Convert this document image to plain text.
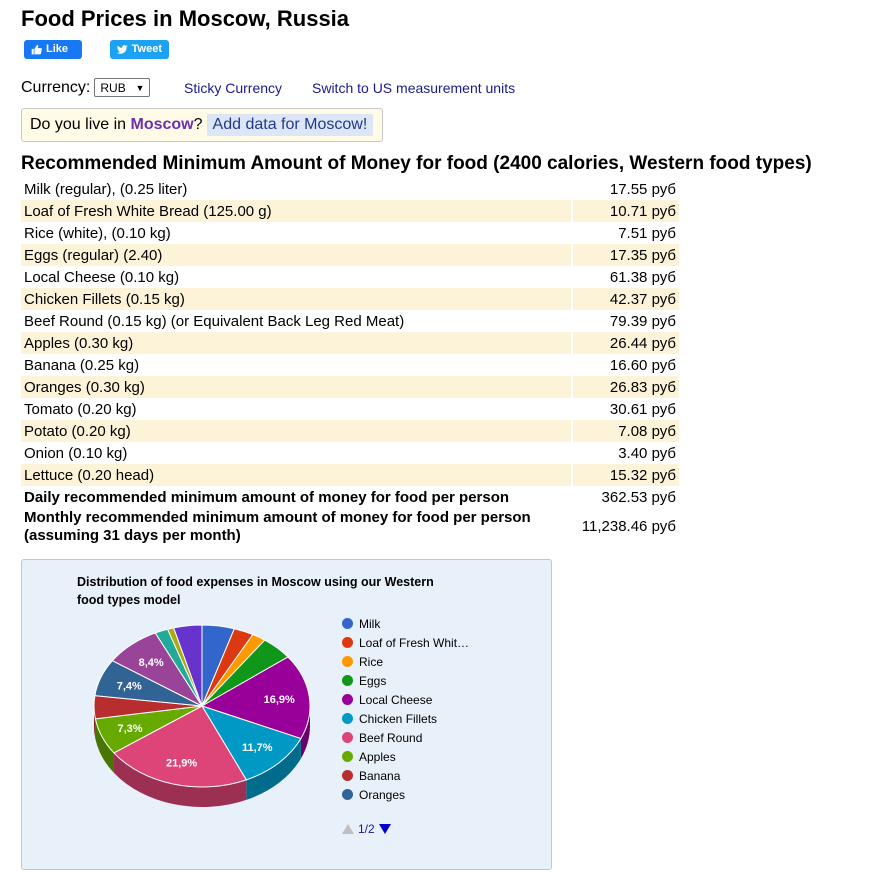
Food Prices in Moscow, Russia
Like	Tweet
Currency: RUB ▼	Sticky Currency Switch to US measurement units
Do you live in Moscow ? Add data for Moscow!
Recommended Minimum Amount of Money for food (2400 calories, Western food types)
Milk (regular), (0.25 liter)	17.55 руб
Loaf of Fresh White Bread (125.00 g)	10.71 руб
Rice (white), (0.10 kg)	7.51 руб
Eggs (regular) (2.40)	17.35 руб
Local Cheese (0.10 kg)	61.38 руб
Chicken Fillets (0.15 kg)	42.37 руб
Beef Round (0.15 kg) (or Equivalent Back Leg Red Meat)	79.39 руб
Apples (0.30 kg)	26.44 руб
Banana (0.25 kg)	16.60 руб
Oranges (0.30 kg)	26.83 руб
Tomato (0.20 kg)	30.61 руб
Potato (0.20 kg)	7.08 руб
Onion (0.10 kg)	3.40 руб
Lettuce (0.20 head)	15.32 руб
Daily recommended minimum amount of money for food per person	362.53 руб
Monthly recommended minimum amount of money for food per person (assuming 31 days per month)	11,238.46 руб
16,9%
11,7%
21,9%
7,3%
7,4%
8,4%
Distribution of food expenses in Moscow using our Western food types model
Milk
Loaf of Fresh Whit…
Rice
Eggs
Local Cheese
Chicken Fillets
Beef Round
Apples
Banana
Oranges
1/2
